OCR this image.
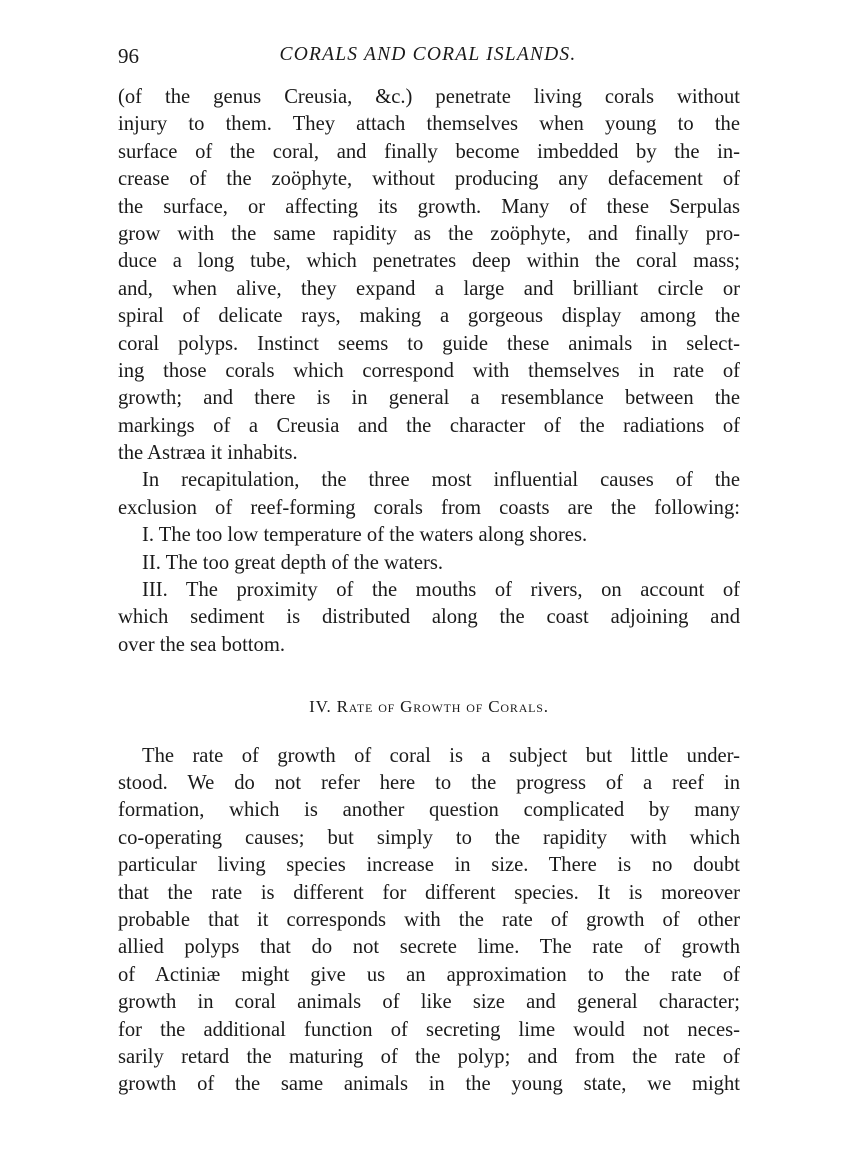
96	CORALS AND CORAL ISLANDS.
(of the genus Creusia, &c.) penetrate living corals without
injury to them. They attach themselves when young to the
surface of the coral, and finally become imbedded by the in-
crease of the zoöphyte, without producing any defacement of
the surface, or affecting its growth. Many of these Serpulas
grow with the same rapidity as the zoöphyte, and finally pro-
duce a long tube, which penetrates deep within the coral mass;
and, when alive, they expand a large and brilliant circle or
spiral of delicate rays, making a gorgeous display among the
coral polyps. Instinct seems to guide these animals in select-
ing those corals which correspond with themselves in rate of
growth; and there is in general a resemblance between the
markings of a Creusia and the character of the radiations of
the Astræa it inhabits.
In recapitulation, the three most influential causes of the
exclusion of reef-forming corals from coasts are the following:
I. The too low temperature of the waters along shores.
II. The too great depth of the waters.
III. The proximity of the mouths of rivers, on account of
which sediment is distributed along the coast adjoining and
over the sea bottom.
IV. Rate of Growth of Corals.
The rate of growth of coral is a subject but little under-
stood. We do not refer here to the progress of a reef in
formation, which is another question complicated by many
co-operating causes; but simply to the rapidity with which
particular living species increase in size. There is no doubt
that the rate is different for different species. It is moreover
probable that it corresponds with the rate of growth of other
allied polyps that do not secrete lime. The rate of growth
of Actiniæ might give us an approximation to the rate of
growth in coral animals of like size and general character;
for the additional function of secreting lime would not neces-
sarily retard the maturing of the polyp; and from the rate of
growth of the same animals in the young state, we might
